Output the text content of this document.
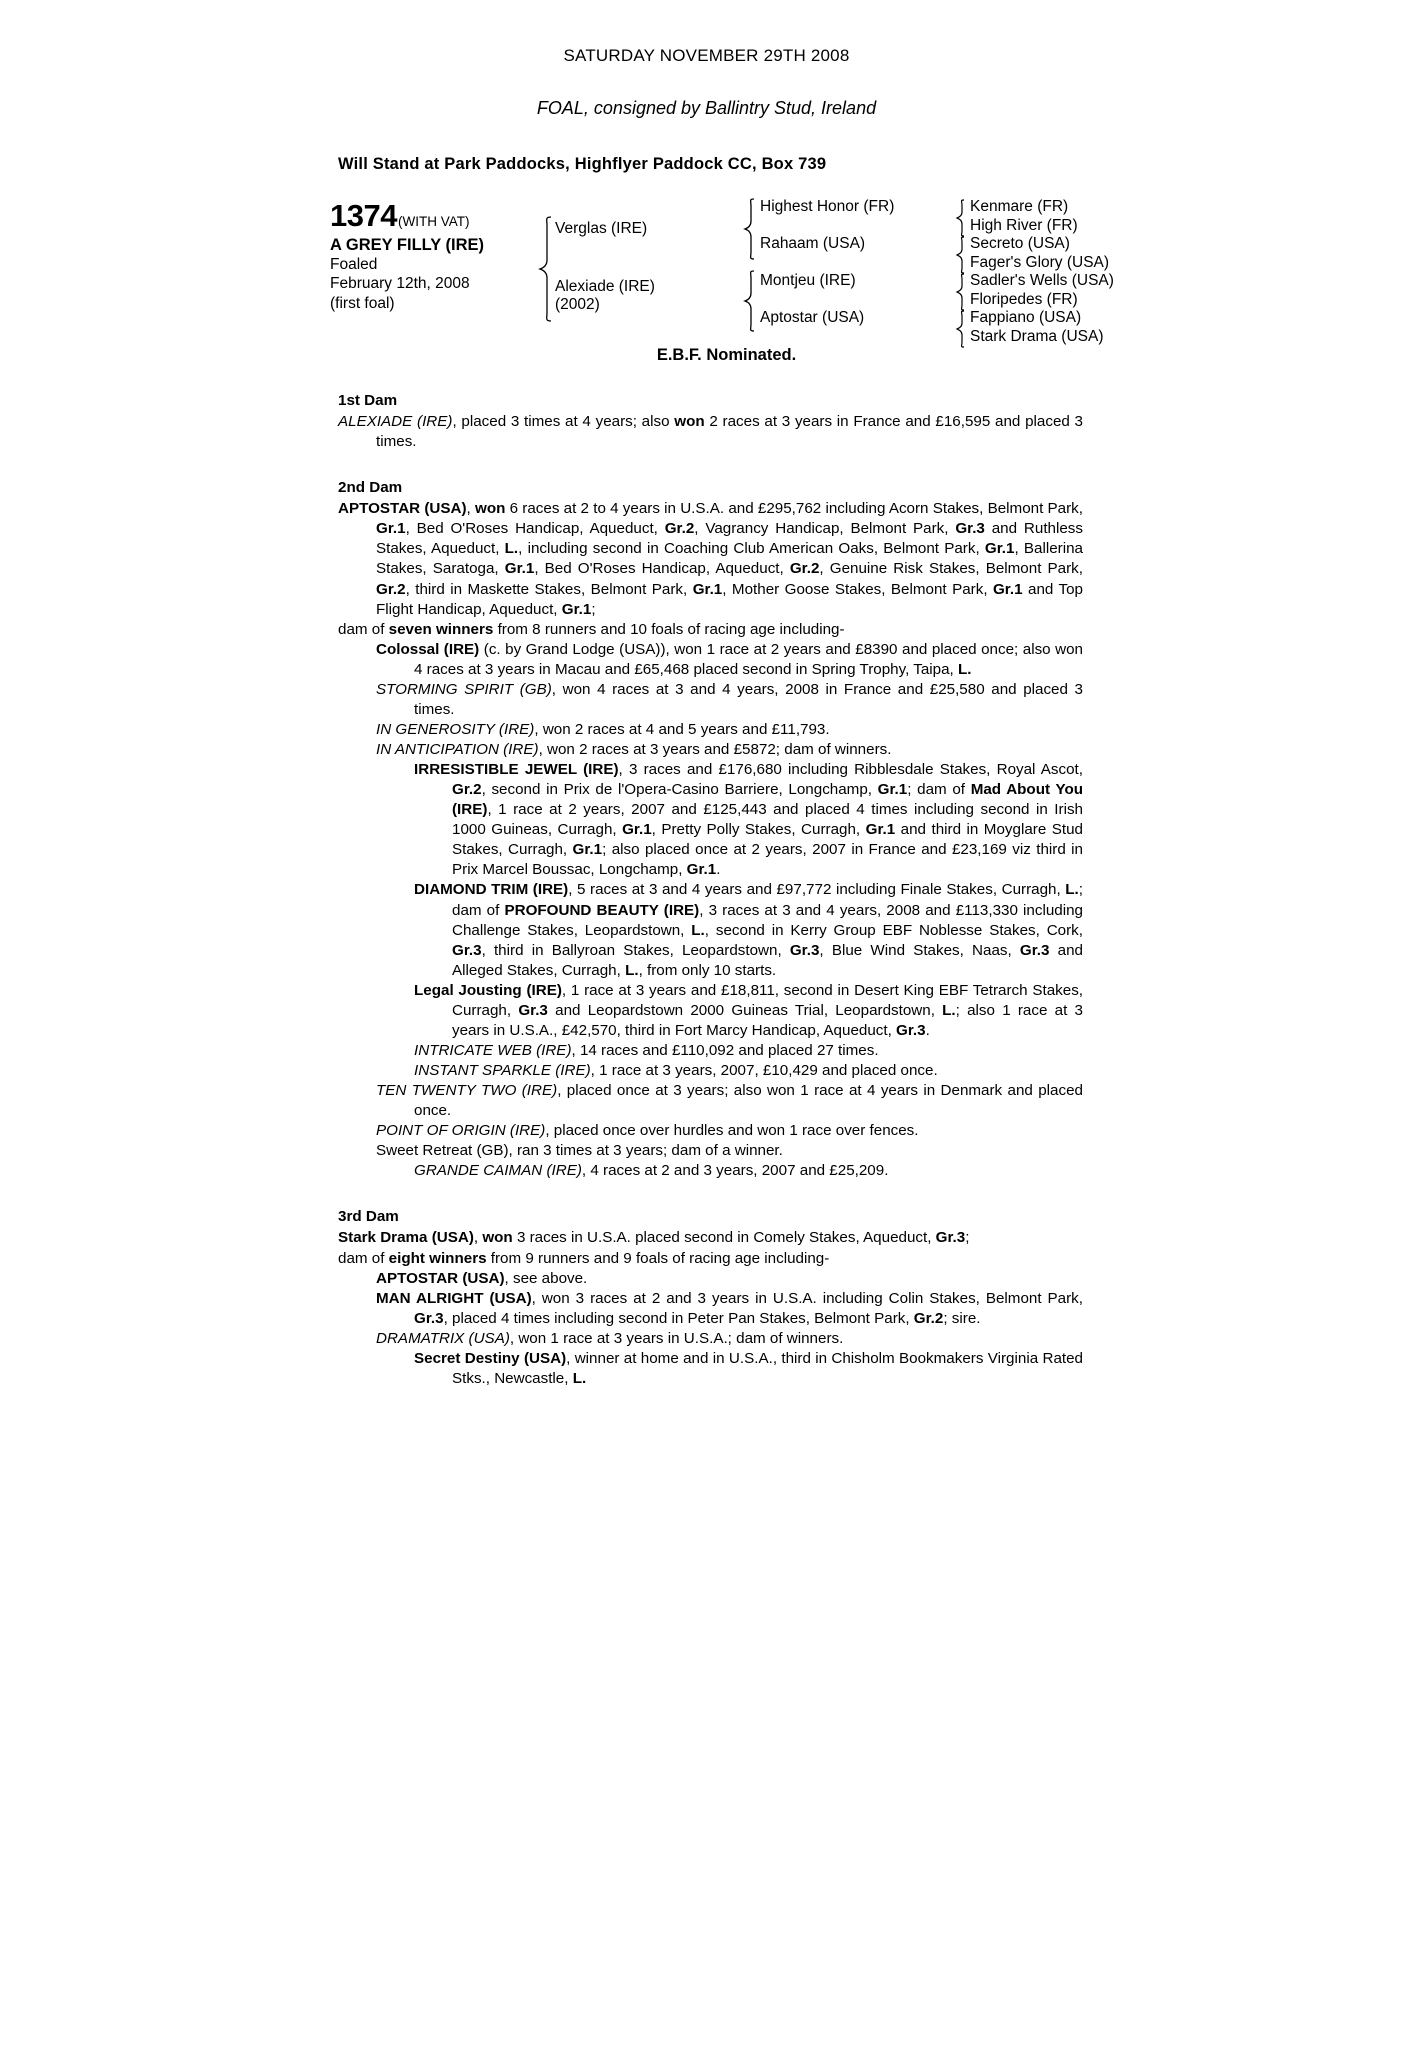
SATURDAY NOVEMBER 29TH 2008
FOAL, consigned by Ballintry Stud, Ireland
Will Stand at Park Paddocks, Highflyer Paddock CC, Box 739
1374(WITH VAT)
A GREY FILLY (IRE)
Foaled
February 12th, 2008
(first foal)
Verglas (IRE)
Alexiade (IRE)
(2002)
Highest Honor (FR)
Rahaam (USA)
Montjeu (IRE)
Aptostar (USA)
Kenmare (FR)
High River (FR)
Secreto (USA)
Fager's Glory (USA)
Sadler's Wells (USA)
Floripedes (FR)
Fappiano (USA)
Stark Drama (USA)
E.B.F. Nominated.
1st Dam

ALEXIADE (IRE), placed 3 times at 4 years; also won 2 races at 3 years in France and £16,595 and placed 3 times.

2nd Dam

APTOSTAR (USA), won 6 races at 2 to 4 years in U.S.A. and £295,762 including Acorn Stakes, Belmont Park, Gr.1, Bed O'Roses Handicap, Aqueduct, Gr.2, Vagrancy Handicap, Belmont Park, Gr.3 and Ruthless Stakes, Aqueduct, L., including second in Coaching Club American Oaks, Belmont Park, Gr.1, Ballerina Stakes, Saratoga, Gr.1, Bed O'Roses Handicap, Aqueduct, Gr.2, Genuine Risk Stakes, Belmont Park, Gr.2, third in Maskette Stakes, Belmont Park, Gr.1, Mother Goose Stakes, Belmont Park, Gr.1 and Top Flight Handicap, Aqueduct, Gr.1;

dam of seven winners from 8 runners and 10 foals of racing age including-

Colossal (IRE) (c. by Grand Lodge (USA)), won 1 race at 2 years and £8390 and placed once; also won 4 races at 3 years in Macau and £65,468 placed second in Spring Trophy, Taipa, L.

STORMING SPIRIT (GB), won 4 races at 3 and 4 years, 2008 in France and £25,580 and placed 3 times.

IN GENEROSITY (IRE), won 2 races at 4 and 5 years and £11,793.

IN ANTICIPATION (IRE), won 2 races at 3 years and £5872; dam of winners.

IRRESISTIBLE JEWEL (IRE), 3 races and £176,680 including Ribblesdale Stakes, Royal Ascot, Gr.2, second in Prix de l'Opera-Casino Barriere, Longchamp, Gr.1; dam of Mad About You (IRE), 1 race at 2 years, 2007 and £125,443 and placed 4 times including second in Irish 1000 Guineas, Curragh, Gr.1, Pretty Polly Stakes, Curragh, Gr.1 and third in Moyglare Stud Stakes, Curragh, Gr.1; also placed once at 2 years, 2007 in France and £23,169 viz third in Prix Marcel Boussac, Longchamp, Gr.1.

DIAMOND TRIM (IRE), 5 races at 3 and 4 years and £97,772 including Finale Stakes, Curragh, L.; dam of PROFOUND BEAUTY (IRE), 3 races at 3 and 4 years, 2008 and £113,330 including Challenge Stakes, Leopardstown, L., second in Kerry Group EBF Noblesse Stakes, Cork, Gr.3, third in Ballyroan Stakes, Leopardstown, Gr.3, Blue Wind Stakes, Naas, Gr.3 and Alleged Stakes, Curragh, L., from only 10 starts.

Legal Jousting (IRE), 1 race at 3 years and £18,811, second in Desert King EBF Tetrarch Stakes, Curragh, Gr.3 and Leopardstown 2000 Guineas Trial, Leopardstown, L.; also 1 race at 3 years in U.S.A., £42,570, third in Fort Marcy Handicap, Aqueduct, Gr.3.

INTRICATE WEB (IRE), 14 races and £110,092 and placed 27 times.

INSTANT SPARKLE (IRE), 1 race at 3 years, 2007, £10,429 and placed once.

TEN TWENTY TWO (IRE), placed once at 3 years; also won 1 race at 4 years in Denmark and placed once.

POINT OF ORIGIN (IRE), placed once over hurdles and won 1 race over fences.

Sweet Retreat (GB), ran 3 times at 3 years; dam of a winner.

GRANDE CAIMAN (IRE), 4 races at 2 and 3 years, 2007 and £25,209.

3rd Dam

Stark Drama (USA), won 3 races in U.S.A. placed second in Comely Stakes, Aqueduct, Gr.3;

dam of eight winners from 9 runners and 9 foals of racing age including-

APTOSTAR (USA), see above.

MAN ALRIGHT (USA), won 3 races at 2 and 3 years in U.S.A. including Colin Stakes, Belmont Park, Gr.3, placed 4 times including second in Peter Pan Stakes, Belmont Park, Gr.2; sire.

DRAMATRIX (USA), won 1 race at 3 years in U.S.A.; dam of winners.

Secret Destiny (USA), winner at home and in U.S.A., third in Chisholm Bookmakers Virginia Rated Stks., Newcastle, L.
